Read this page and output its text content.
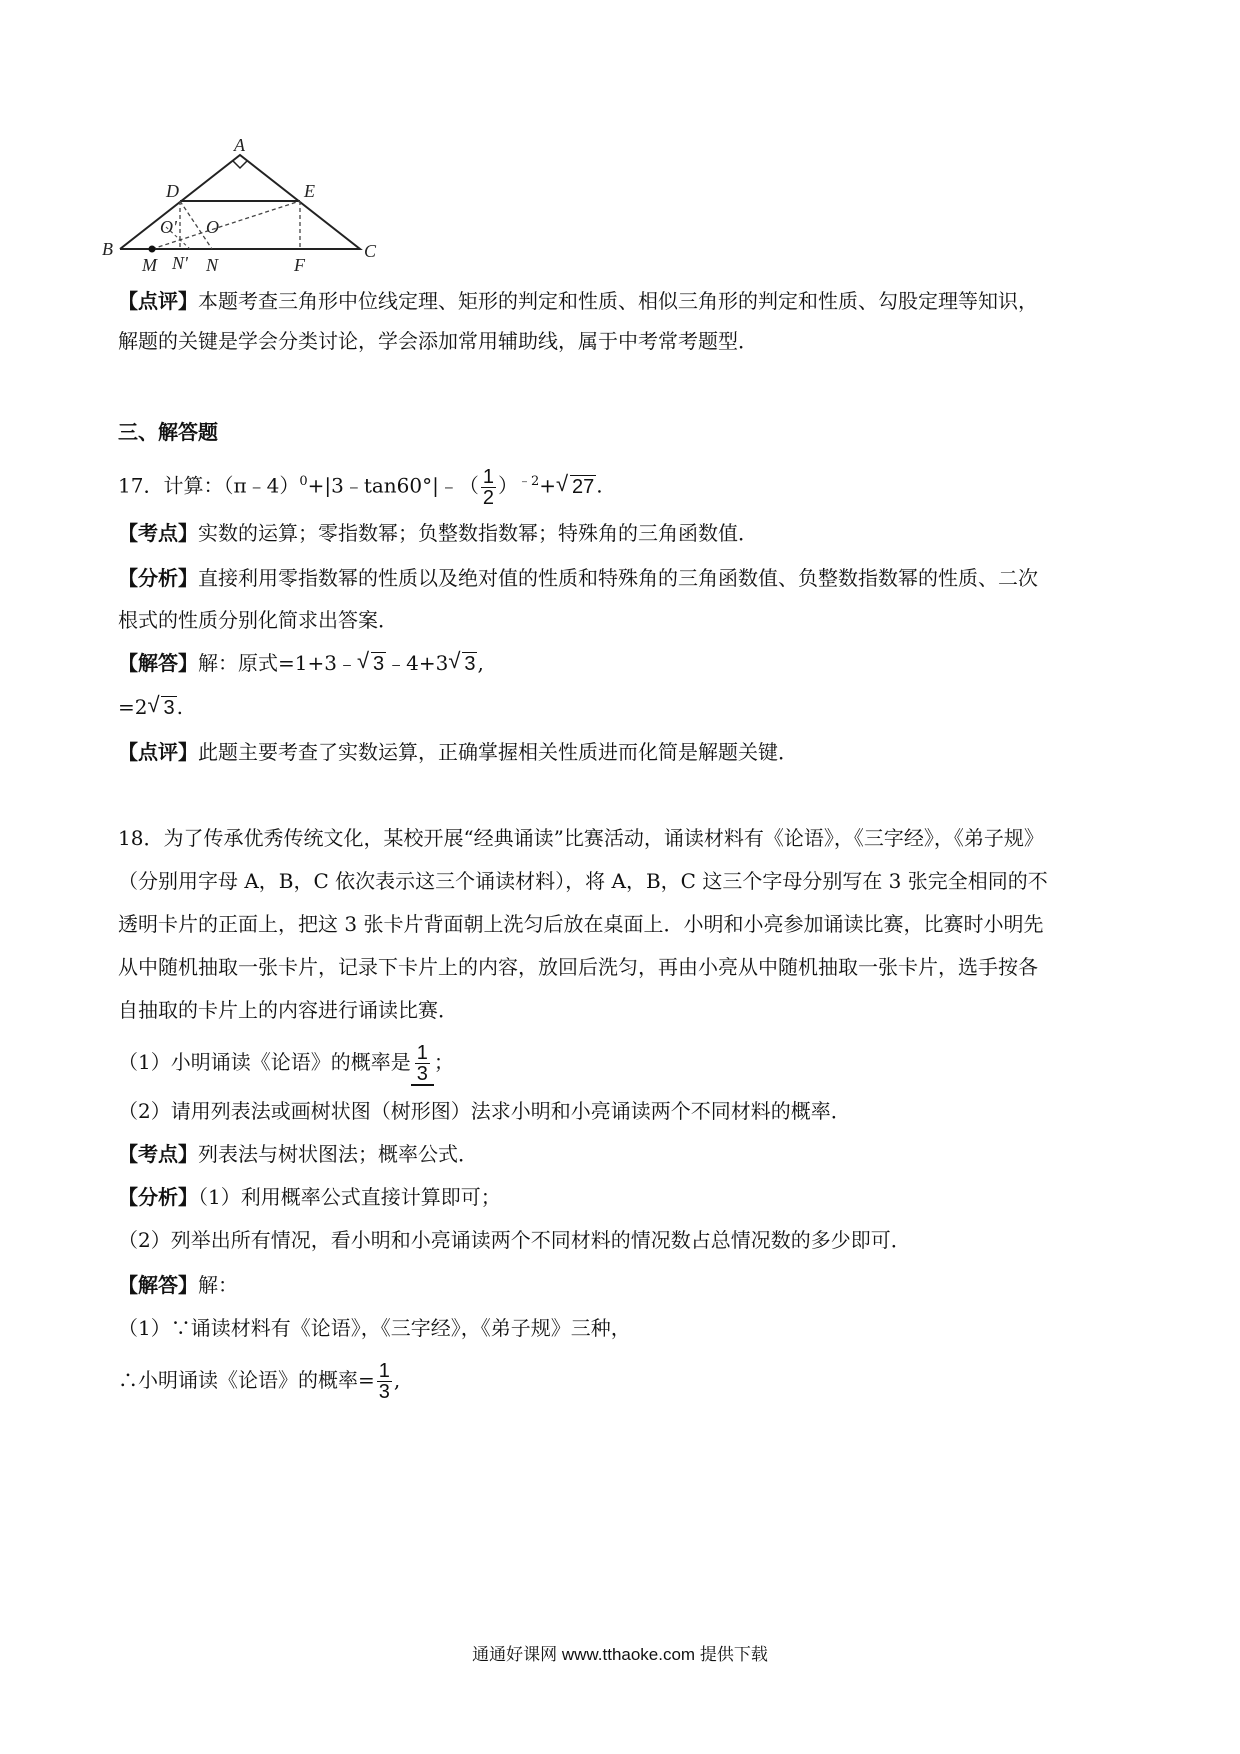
A
D	E
B	C
O' O
M N' N	F
【点评】本题考查三角形中位线定理、矩形的判定和性质、相似三角形的判定和性质、勾股定理等知识，
解题的关键是学会分类讨论，学会添加常用辅助线，属于中考常考题型．
三、解答题
17．计算：（π﹣4）$^0$+|3﹣tan60°|﹣（ $\frac{1}{2} )^{﹣2}+$ √ 27 .
【考点】实数的运算；零指数幂；负整数指数幂；特殊角的三角函数值．
【分析】直接利用零指数幂的性质以及绝对值的性质和特殊角的三角函数值、负整数指数幂的性质、二次
根式的性质分别化简求出答案．
【解答】解：原式=1+3﹣ √ 3 ﹣4+3 √ 3 ,
=2 √ 3 .
【点评】此题主要考查了实数运算，正确掌握相关性质进而化简是解题关键．
18．为了传承优秀传统文化，某校开展“经典诵读”比赛活动，诵读材料有《论语》，《三字经》，《弟子规》
（分别用字母 A，B，C 依次表示这三个诵读材料），将 A，B，C 这三个字母分别写在 3 张完全相同的不
透明卡片的正面上，把这 3 张卡片背面朝上洗匀后放在桌面上．小明和小亮参加诵读比赛，比赛时小明先
从中随机抽取一张卡片，记录下卡片上的内容，放回后洗匀，再由小亮从中随机抽取一张卡片，选手按各
自抽取的卡片上的内容进行诵读比赛．
（1）小明诵读《论语》的概率是 $\frac{1}{3}$ ；
（2）请用列表法或画树状图（树形图）法求小明和小亮诵读两个不同材料的概率．
【考点】列表法与树状图法；概率公式．
【分析】（1）利用概率公式直接计算即可；
（2）列举出所有情况，看小明和小亮诵读两个不同材料的情况数占总情况数的多少即可．
【解答】解：
（1）∵诵读材料有《论语》，《三字经》，《弟子规》三种，
∴小明诵读《论语》的概率= $\frac{1}{3}$ ,
通通好课网 www.tthaoke.com 提供下载
